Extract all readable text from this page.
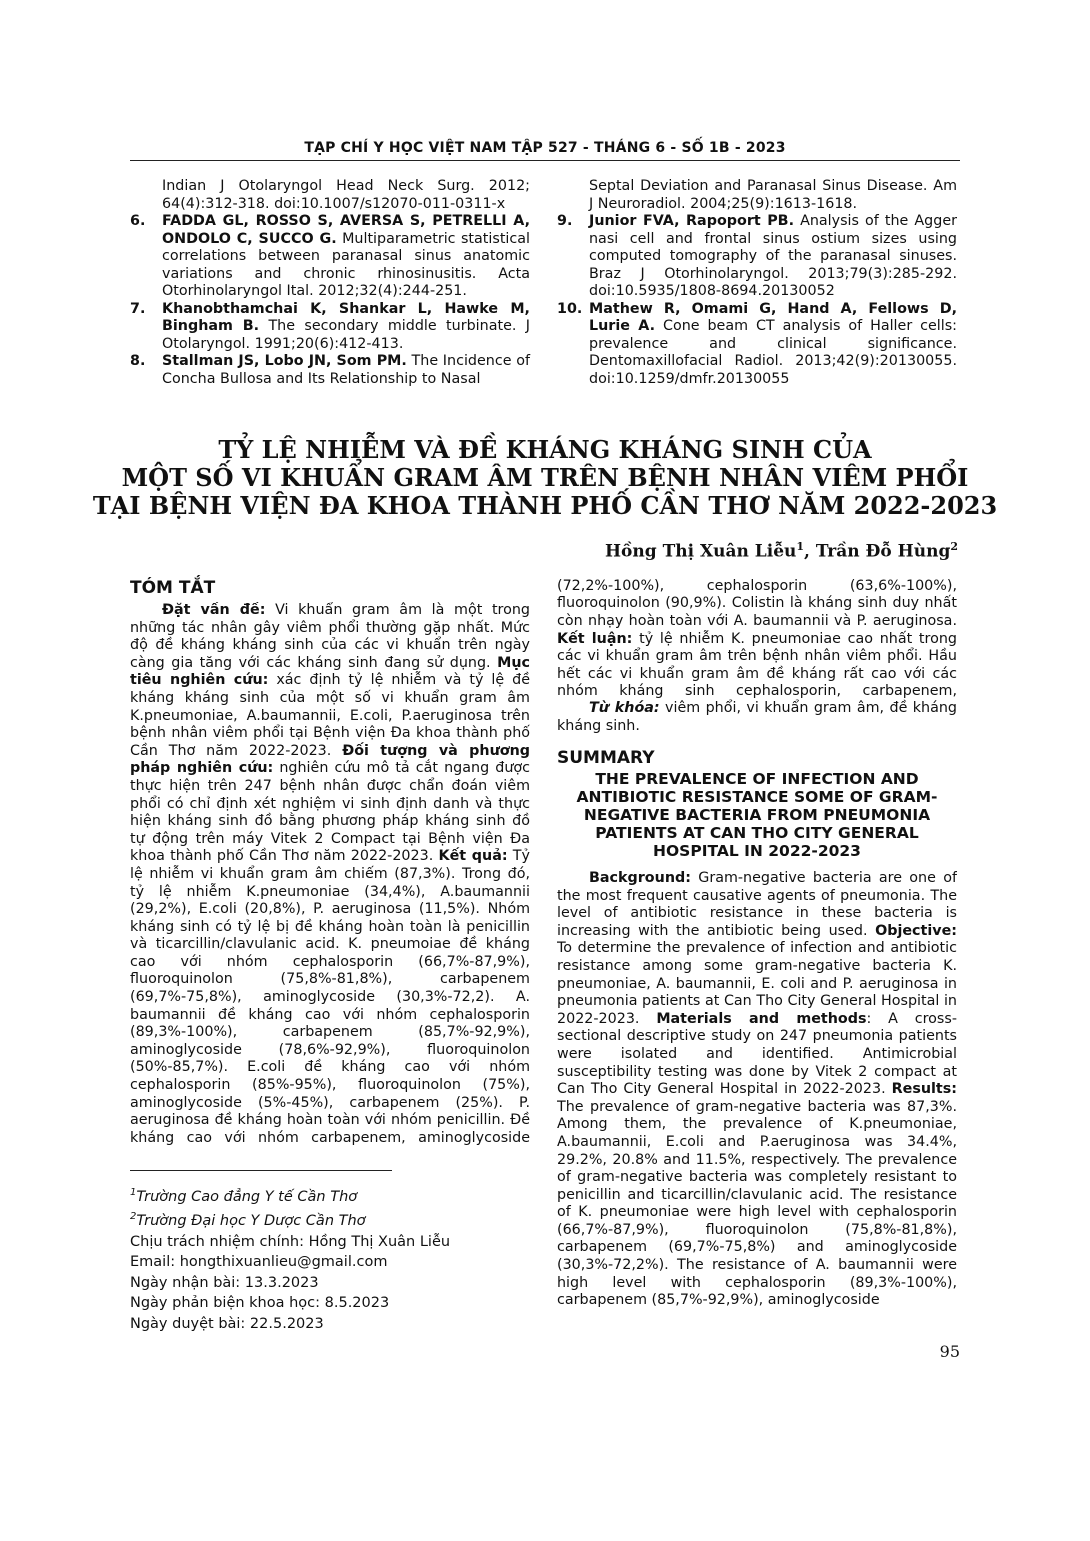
TẠP CHÍ Y HỌC VIỆT NAM TẬP 527 - THÁNG 6 - SỐ 1B - 2023

Indian J Otolaryngol Head Neck Surg. 2012; 64(4):312-318. doi:10.1007/s12070-011-0311-x

6. FADDA GL, ROSSO S, AVERSA S, PETRELLI A, ONDOLO C, SUCCO G. Multiparametric statistical correlations between paranasal sinus anatomic variations and chronic rhinosinusitis. Acta Otorhinolaryngol Ital. 2012;32(4):244-251.

7. Khanobthamchai K, Shankar L, Hawke M, Bingham B. The secondary middle turbinate. J Otolaryngol. 1991;20(6):412-413.

8. Stallman JS, Lobo JN, Som PM. The Incidence of Concha Bullosa and Its Relationship to Nasal

Septal Deviation and Paranasal Sinus Disease. Am J Neuroradiol. 2004;25(9):1613-1618.

9. Junior FVA, Rapoport PB. Analysis of the Agger nasi cell and frontal sinus ostium sizes using computed tomography of the paranasal sinuses. Braz J Otorhinolaryngol. 2013;79(3):285-292. doi:10.5935/1808-8694.20130052

10. Mathew R, Omami G, Hand A, Fellows D, Lurie A. Cone beam CT analysis of Haller cells: prevalence and clinical significance. Dentomaxillofacial Radiol. 2013;42(9):20130055. doi:10.1259/dmfr.20130055

TỶ LỆ NHIỄM VÀ ĐỀ KHÁNG KHÁNG SINH CỦA
MỘT SỐ VI KHUẨN GRAM ÂM TRÊN BỆNH NHÂN VIÊM PHỔI
TẠI BỆNH VIỆN ĐA KHOA THÀNH PHỐ CẦN THƠ NĂM 2022-2023
Hồng Thị Xuân Liễu$^1$, Trần Đỗ Hùng$^2$
TÓM TẮT

Đặt vấn đề: Vi khuẩn gram âm là một trong những tác nhân gây viêm phổi thường gặp nhất. Mức độ đề kháng kháng sinh của các vi khuẩn trên ngày càng gia tăng với các kháng sinh đang sử dụng. Mục tiêu nghiên cứu: xác định tỷ lệ nhiễm và tỷ lệ đề kháng kháng sinh của một số vi khuẩn gram âm K.pneumoniae, A.baumannii, E.coli, P.aeruginosa trên bệnh nhân viêm phổi tại Bệnh viện Đa khoa thành phố Cần Thơ năm 2022-2023. Đối tượng và phương pháp nghiên cứu: nghiên cứu mô tả cắt ngang được thực hiện trên 247 bệnh nhân được chẩn đoán viêm phổi có chỉ định xét nghiệm vi sinh định danh và thực hiện kháng sinh đồ bằng phương pháp kháng sinh đồ tự động trên máy Vitek 2 Compact tại Bệnh viện Đa khoa thành phố Cần Thơ năm 2022-2023. Kết quả: Tỷ lệ nhiễm vi khuẩn gram âm chiếm (87,3%). Trong đó, tỷ lệ nhiễm K.pneumoniae (34,4%), A.baumannii (29,2%), E.coli (20,8%), P. aeruginosa (11,5%). Nhóm kháng sinh có tỷ lệ bị đề kháng hoàn toàn là penicillin và ticarcillin/clavulanic acid. K. pneumoiae đề kháng cao với nhóm cephalosporin (66,7%-87,9%), fluoroquinolon (75,8%-81,8%), carbapenem (69,7%-75,8%), aminoglycoside (30,3%-72,2). A. baumannii đề kháng cao với nhóm cephalosporin (89,3%-100%), carbapenem (85,7%-92,9%), aminoglycoside (78,6%-92,9%), fluoroquinolon (50%-85,7%). E.coli đề kháng cao với nhóm cephalosporin (85%-95%), fluoroquinolon (75%), aminoglycoside (5%-45%), carbapenem (25%). P. aeruginosa đề kháng hoàn toàn với nhóm penicillin. Đề kháng cao với nhóm carbapenem, aminoglycoside

(72,2%-100%), cephalosporin (63,6%-100%), fluoroquinolon (90,9%). Colistin là kháng sinh duy nhất còn nhạy hoàn toàn với A. baumannii và P. aeruginosa. Kết luận: tỷ lệ nhiễm K. pneumoniae cao nhất trong các vi khuẩn gram âm trên bệnh nhân viêm phổi. Hầu hết các vi khuẩn gram âm đề kháng rất cao với các nhóm kháng sinh cephalosporin, carbapenem,

Từ khóa: viêm phổi, vi khuẩn gram âm, đề kháng kháng sinh.

SUMMARY
THE PREVALENCE OF INFECTION AND ANTIBIOTIC RESISTANCE SOME OF GRAM-NEGATIVE BACTERIA FROM PNEUMONIA PATIENTS AT CAN THO CITY GENERAL HOSPITAL IN 2022-2023

Background: Gram-negative bacteria are one of the most frequent causative agents of pneumonia. The level of antibiotic resistance in these bacteria is increasing with the antibiotic being used. Objective: To determine the prevalence of infection and antibiotic resistance among some gram-negative bacteria K. pneumoniae, A. baumannii, E. coli and P. aeruginosa in pneumonia patients at Can Tho City General Hospital in 2022-2023. Materials and methods: A cross-sectional descriptive study on 247 pneumonia patients were isolated and identified. Antimicrobial susceptibility testing was done by Vitek 2 compact at Can Tho City General Hospital in 2022-2023. Results: The prevalence of gram-negative bacteria was 87,3%. Among them, the prevalence of K.pneumoniae, A.baumannii, E.coli and P.aeruginosa was 34.4%, 29.2%, 20.8% and 11.5%, respectively. The prevalence of gram-negative bacteria was completely resistant to penicillin and ticarcillin/clavulanic acid. The resistance of K. pneumoniae were high level with cephalosporin (66,7%-87,9%), fluoroquinolon (75,8%-81,8%), carbapenem (69,7%-75,8%) and aminoglycoside (30,3%-72,2%). The resistance of A. baumannii were high level with cephalosporin (89,3%-100%), carbapenem (85,7%-92,9%), aminoglycoside

$^1$Trường Cao đẳng Y tế Cần Thơ
$^2$Trường Đại học Y Dược Cần Thơ
Chịu trách nhiệm chính: Hồng Thị Xuân Liễu
Email: hongthixuanlieu@gmail.com
Ngày nhận bài: 13.3.2023
Ngày phản biện khoa học: 8.5.2023
Ngày duyệt bài: 22.5.2023
95
